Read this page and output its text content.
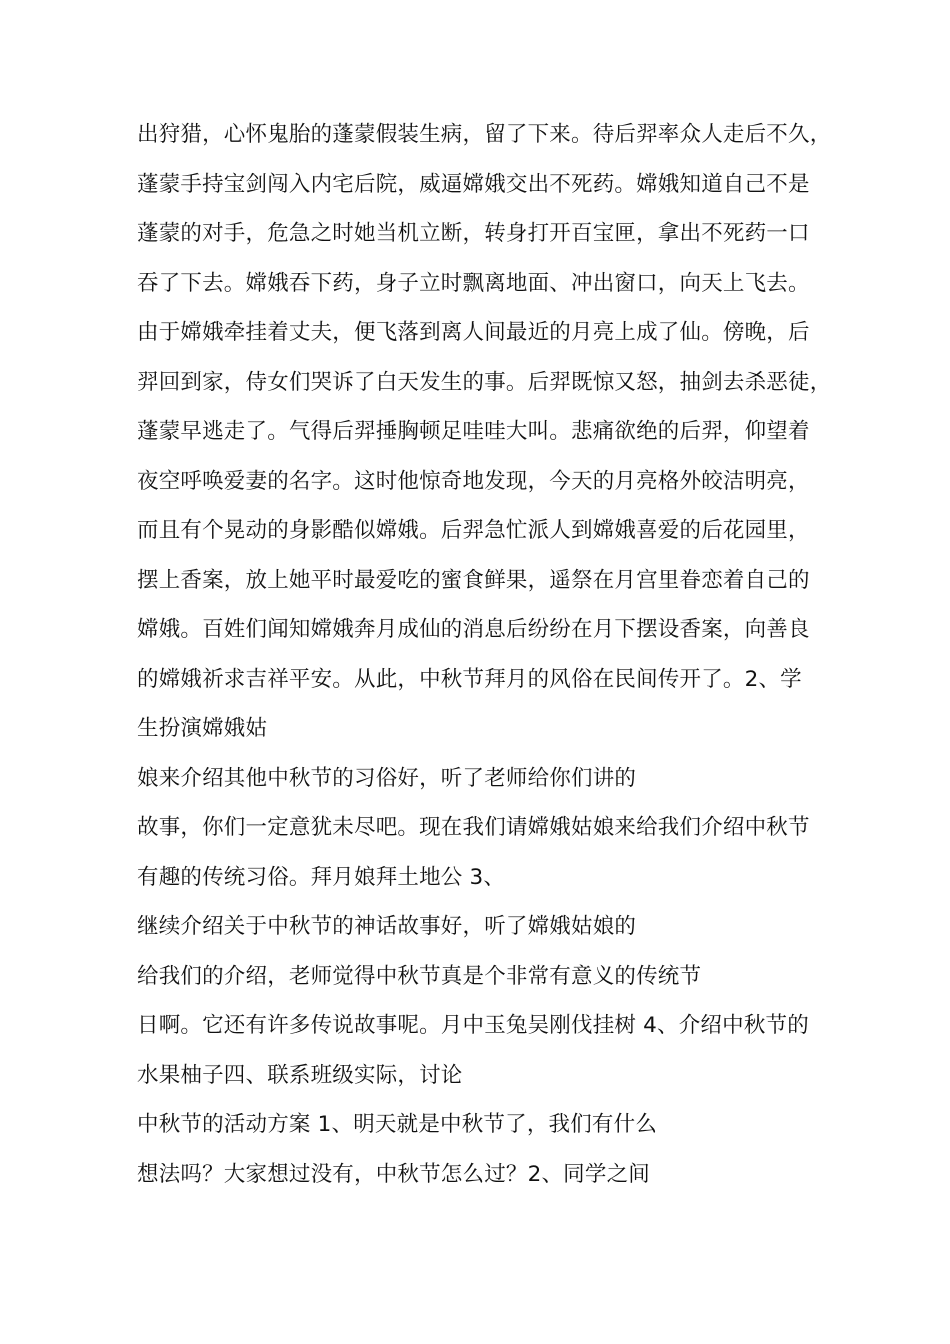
出狩猎，心怀鬼胎的蓬蒙假装生病，留了下来。待后羿率众人走后不久，
蓬蒙手持宝剑闯入内宅后院，威逼嫦娥交出不死药。嫦娥知道自己不是
蓬蒙的对手，危急之时她当机立断，转身打开百宝匣，拿出不死药一口
吞了下去。嫦娥吞下药，身子立时飘离地面、冲出窗口，向天上飞去。
由于嫦娥牵挂着丈夫，便飞落到离人间最近的月亮上成了仙。傍晚，后
羿回到家，侍女们哭诉了白天发生的事。后羿既惊又怒，抽剑去杀恶徒，
蓬蒙早逃走了。气得后羿捶胸顿足哇哇大叫。悲痛欲绝的后羿，仰望着
夜空呼唤爱妻的名字。这时他惊奇地发现，今天的月亮格外皎洁明亮，
而且有个晃动的身影酷似嫦娥。后羿急忙派人到嫦娥喜爱的后花园里，
摆上香案，放上她平时最爱吃的蜜食鲜果，遥祭在月宫里眷恋着自己的
嫦娥。百姓们闻知嫦娥奔月成仙的消息后纷纷在月下摆设香案，向善良
的嫦娥祈求吉祥平安。从此，中秋节拜月的风俗在民间传开了。2、学
生扮演嫦娥姑
娘来介绍其他中秋节的习俗好，听了老师给你们讲的
故事，你们一定意犹未尽吧。现在我们请嫦娥姑娘来给我们介绍中秋节
有趣的传统习俗。拜月娘拜土地公 3、
继续介绍关于中秋节的神话故事好，听了嫦娥姑娘的
给我们的介绍，老师觉得中秋节真是个非常有意义的传统节
日啊。它还有许多传说故事呢。月中玉兔吴刚伐挂树 4、介绍中秋节的
水果柚子四、联系班级实际，讨论
中秋节的活动方案 1、明天就是中秋节了，我们有什么
想法吗？大家想过没有，中秋节怎么过？2、同学之间
